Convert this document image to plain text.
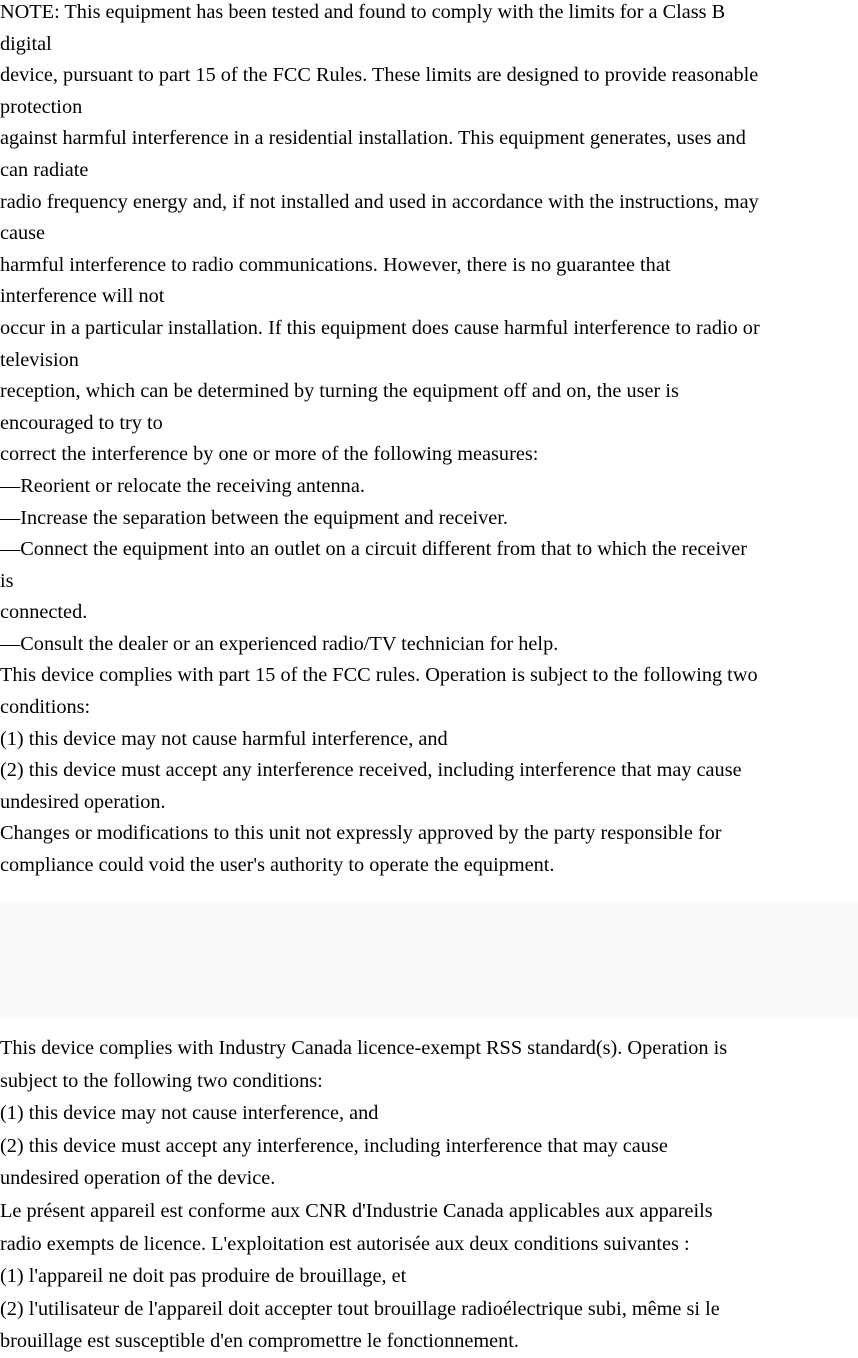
NOTE: This equipment has been tested and found to comply with the limits for a Class B
digital
device, pursuant to part 15 of the FCC Rules. These limits are designed to provide reasonable
protection
against harmful interference in a residential installation. This equipment generates, uses and
can radiate
radio frequency energy and, if not installed and used in accordance with the instructions, may
cause
harmful interference to radio communications. However, there is no guarantee that
interference will not
occur in a particular installation. If this equipment does cause harmful interference to radio or
television
reception, which can be determined by turning the equipment off and on, the user is
encouraged to try to
correct the interference by one or more of the following measures:
—Reorient or relocate the receiving antenna.
—Increase the separation between the equipment and receiver.
—Connect the equipment into an outlet on a circuit different from that to which the receiver
is
connected.
—Consult the dealer or an experienced radio/TV technician for help.
This device complies with part 15 of the FCC rules. Operation is subject to the following two
conditions:
(1) this device may not cause harmful interference, and
(2) this device must accept any interference received, including interference that may cause
undesired operation.
Changes or modifications to this unit not expressly approved by the party responsible for
compliance could void the user's authority to operate the equipment.
This device complies with Industry Canada licence-exempt RSS standard(s). Operation is
subject to the following two conditions:
(1) this device may not cause interference, and
(2) this device must accept any interference, including interference that may cause
undesired operation of the device.
Le présent appareil est conforme aux CNR d'Industrie Canada applicables aux appareils
radio exempts de licence. L'exploitation est autorisée aux deux conditions suivantes :
(1) l'appareil ne doit pas produire de brouillage, et
(2) l'utilisateur de l'appareil doit accepter tout brouillage radioélectrique subi, même si le
brouillage est susceptible d'en compromettre le fonctionnement.
